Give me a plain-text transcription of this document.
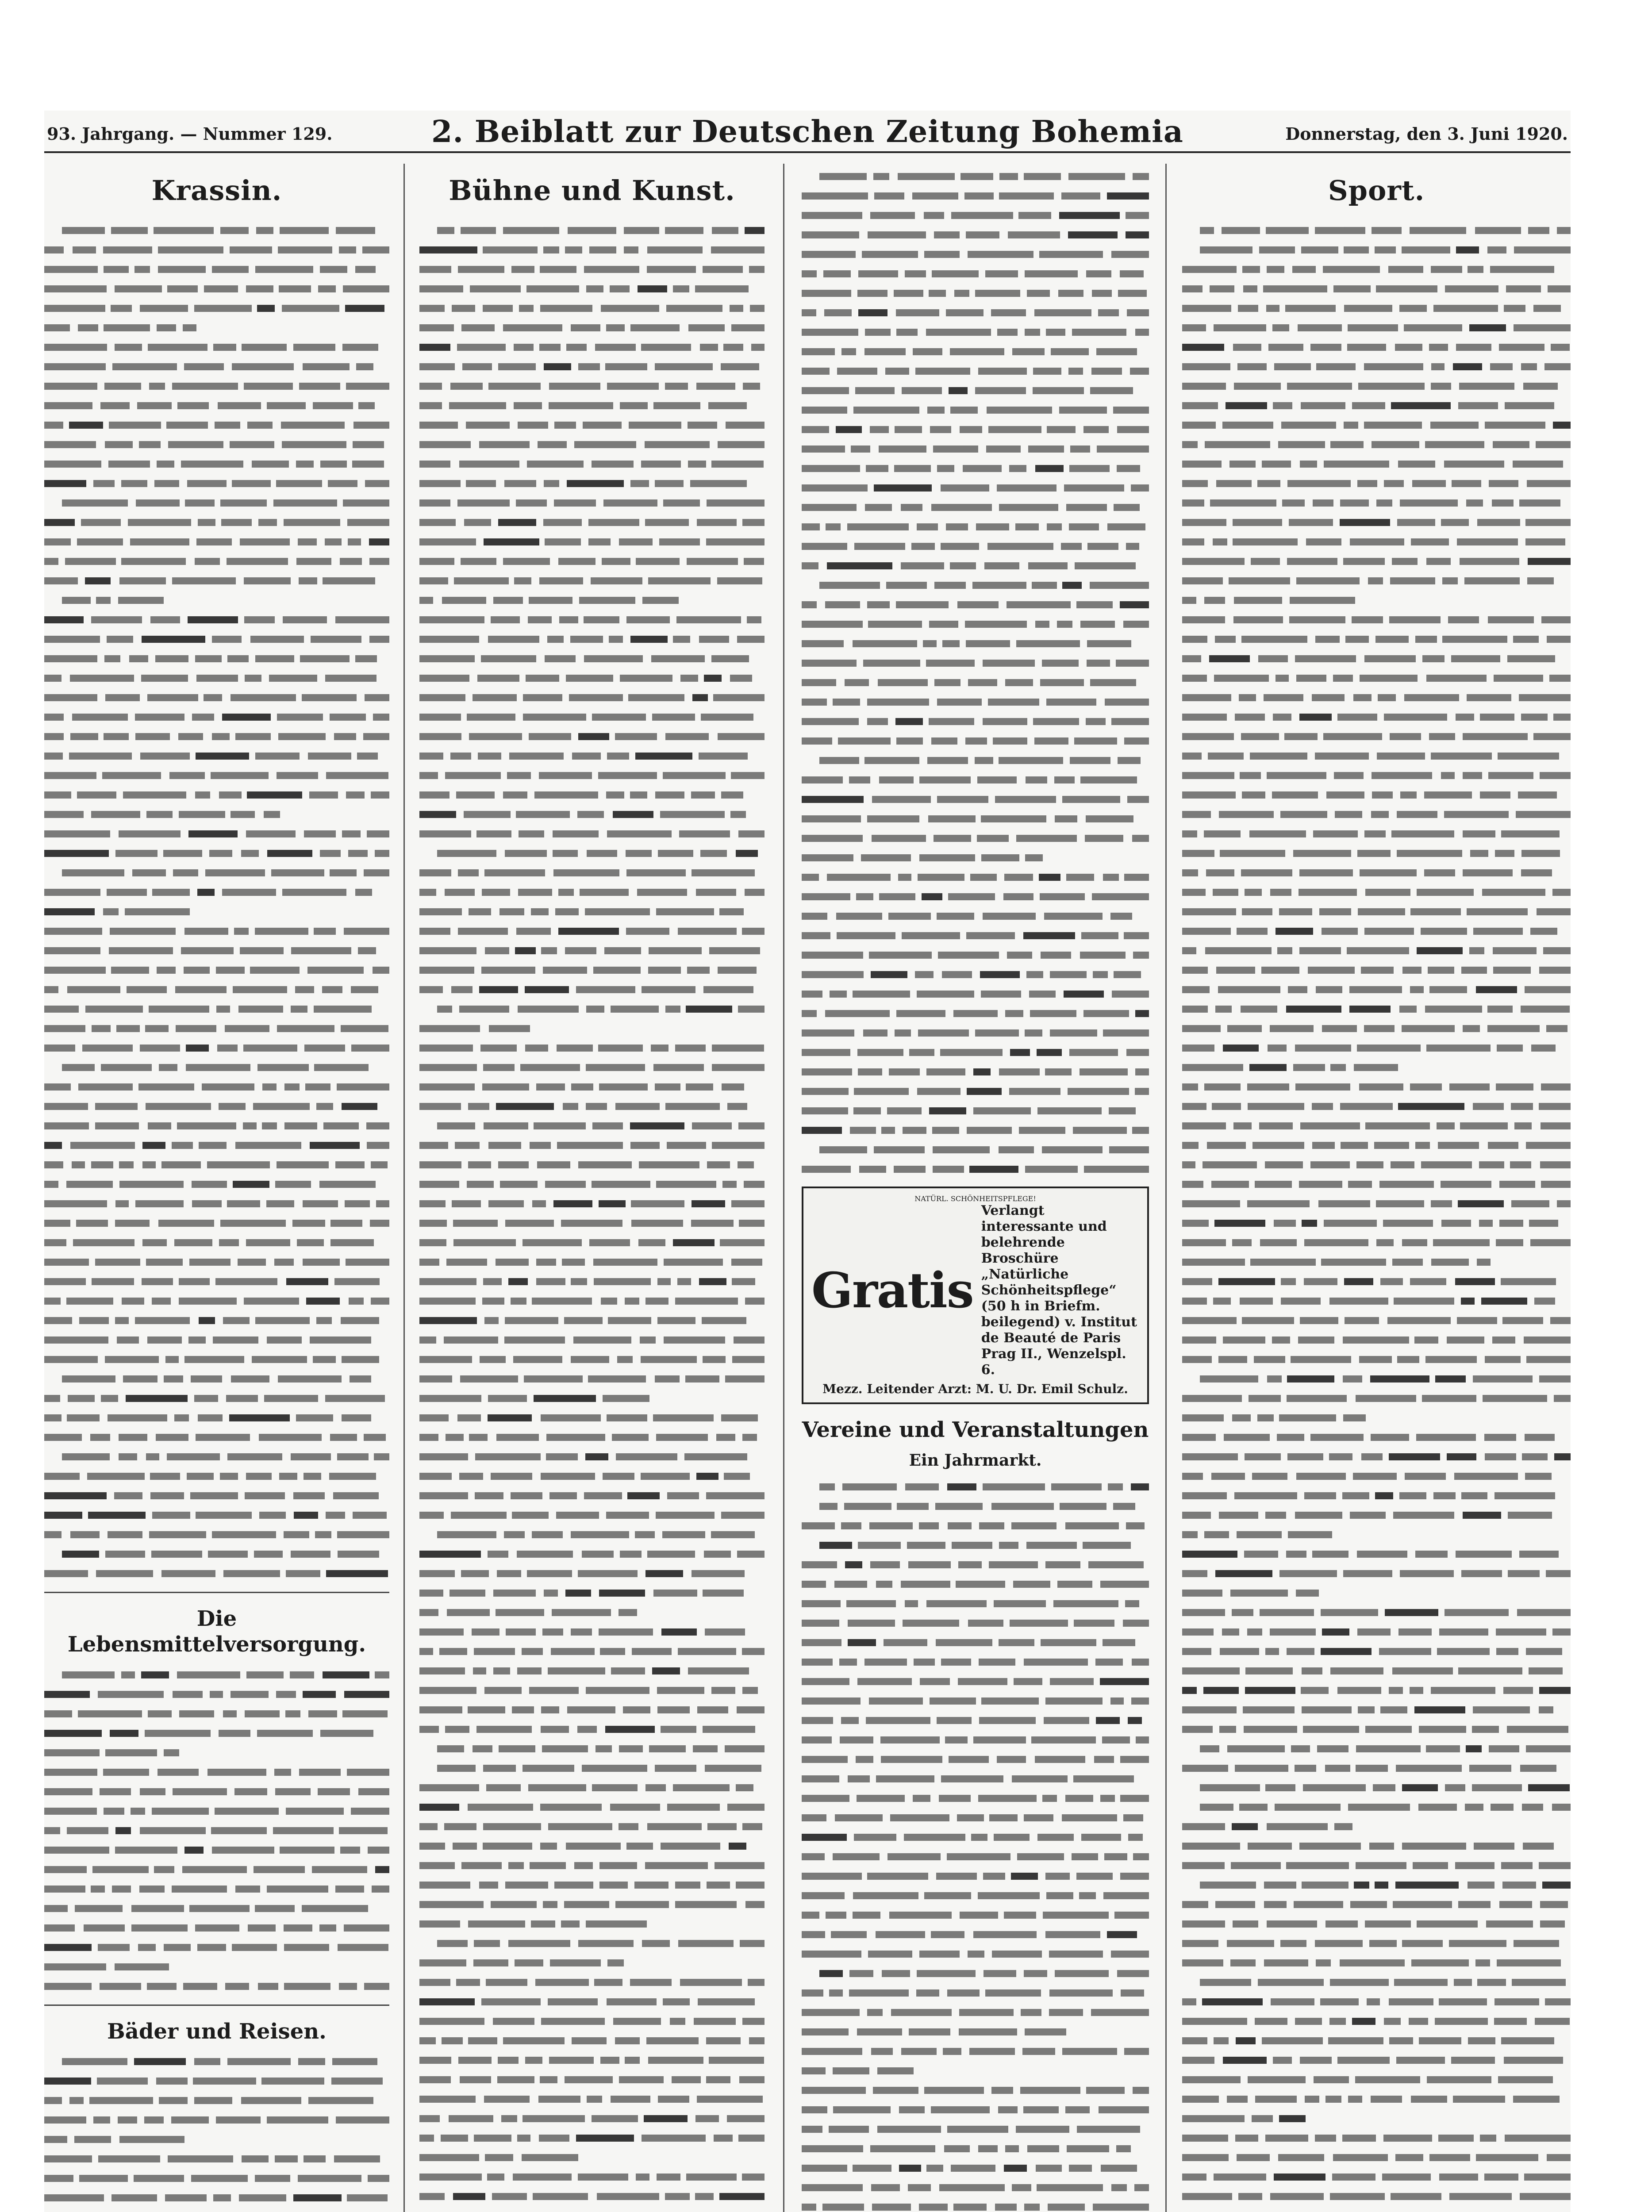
93. Jahrgang. — Nummer 129.	2. Beiblatt zur Deutschen Zeitung Bohemia	Donnerstag, den 3. Juni 1920.
Krassin.
Die Lebensmittelversorgung.
Bäder und Reisen.
Bühne und Kunst.
NATÜRL. SCHÖNHEITSPFLEGE!
Gratis
Verlangt interessante und belehrende Broschüre „Natürliche Schönheitspflege“ (50 h in Briefm. beilegend) v. Institut de Beauté de Paris Prag II., Wenzelspl. 6.
Mezz. Leitender Arzt: M. U. Dr. Emil Schulz.
Vereine und Veranstaltungen
Ein Jahrmarkt.
Sport.
